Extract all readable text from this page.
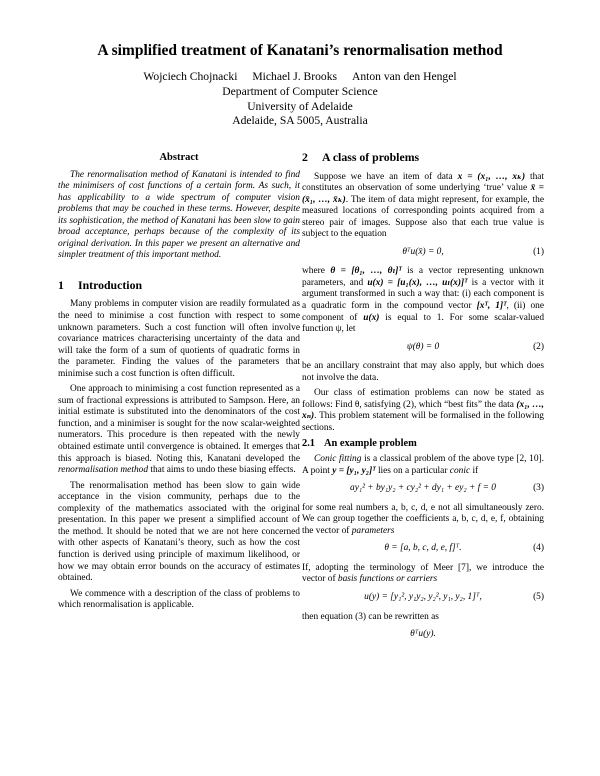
A simplified treatment of Kanatani’s renormalisation method
Wojciech Chojnacki Michael J. Brooks Anton van den Hengel
Department of Computer Science
University of Adelaide
Adelaide, SA 5005, Australia
Abstract

The renormalisation method of Kanatani is intended to find the minimisers of cost functions of a certain form. As such, it has applicability to a wide spectrum of computer vision problems that may be couched in these terms. However, despite its sophistication, the method of Kanatani has been slow to gain broad acceptance, perhaps because of the complexity of its original derivation. In this paper we present an alternative and simpler treatment of this important method.

1 Introduction

Many problems in computer vision are readily formulated as the need to minimise a cost function with respect to some unknown parameters. Such a cost function will often involve covariance matrices characterising uncertainty of the data and will take the form of a sum of quotients of quadratic forms in the parameter. Finding the values of the parameters that minimise such a cost function is often difficult.

One approach to minimising a cost function represented as a sum of fractional expressions is attributed to Sampson. Here, an initial estimate is substituted into the denominators of the cost function, and a minimiser is sought for the now scalar-weighted numerators. This procedure is then repeated with the newly obtained estimate until convergence is obtained. It emerges that this approach is biased. Noting this, Kanatani developed the renormalisation method that aims to undo these biasing effects.

The renormalisation method has been slow to gain wide acceptance in the vision community, perhaps due to the complexity of the mathematics associated with the original presentation. In this paper we present a simplified account of the method. It should be noted that we are not here concerned with other aspects of Kanatani’s theory, such as how the cost function is derived using principle of maximum likelihood, or how we may obtain error bounds on the accuracy of estimates obtained.

We commence with a description of the class of problems to which renormalisation is applicable.

2 A class of problems

Suppose we have an item of data x = (x₁, …, xₖ) that constitutes an observation of some underlying ‘true’ value x̄ = (x̄₁, …, x̄ₖ). The item of data might represent, for example, the measured locations of corresponding points acquired from a stereo pair of images. Suppose also that each true value is subject to the equation

θᵀu(x̄) = 0,	(1)

where θ = [θ₁, …, θₗ]ᵀ is a vector representing unknown parameters, and u(x) = [u₁(x), …, uₗ(x)]ᵀ is a vector with it argument transformed in such a way that: (i) each component is a quadratic form in the compound vector [xᵀ, 1]ᵀ, (ii) one component of u(x) is equal to 1. For some scalar-valued function ψ, let

ψ(θ) = 0	(2)

be an ancillary constraint that may also apply, but which does not involve the data.

Our class of estimation problems can now be stated as follows: Find θ, satisfying (2), which “best fits” the data (x₁, …, xₙ). This problem statement will be formalised in the following sections.

2.1 An example problem

Conic fitting is a classical problem of the above type [2, 10]. A point y = [y₁, y₂]ᵀ lies on a particular conic if

ay₁² + by₁y₂ + cy₂² + dy₁ + ey₂ + f = 0	(3)

for some real numbers a, b, c, d, e not all simultaneously zero. We can group together the coefficients a, b, c, d, e, f, obtaining the vector of parameters

θ = [a, b, c, d, e, f]ᵀ.	(4)

If, adopting the terminology of Meer [7], we introduce the vector of basis functions or carriers

u(y) = [y₁², y₁y₂, y₂², y₁, y₂, 1]ᵀ,	(5)

then equation (3) can be rewritten as

θᵀu(y).
